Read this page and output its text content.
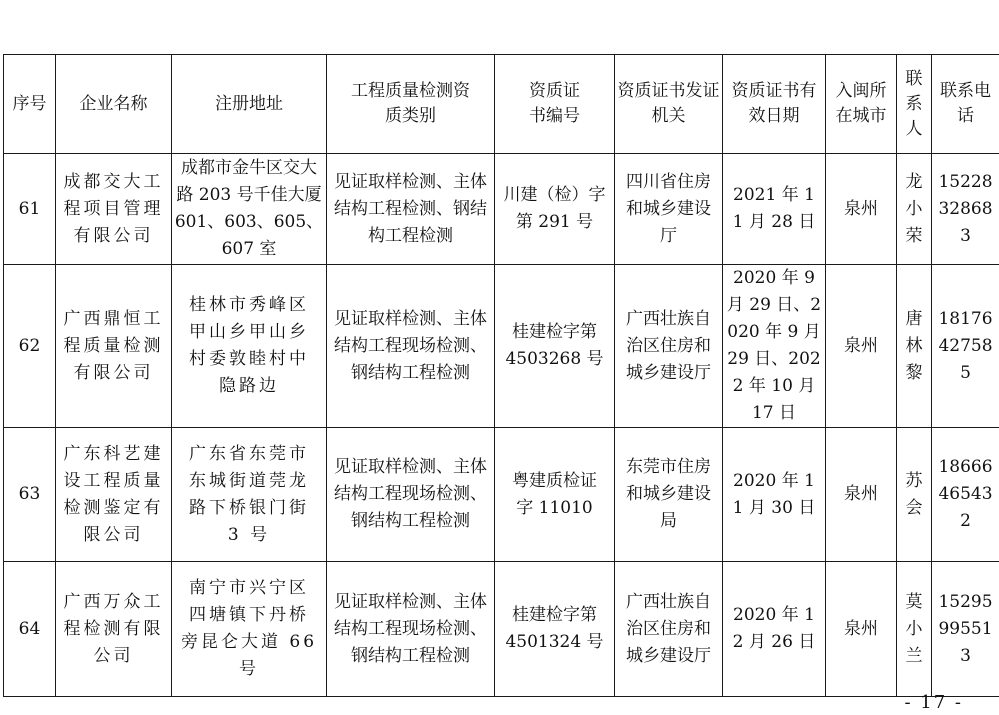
序号	企业名称	注册地址	工程质量检测资质类别	资质证书编号	资质证书发证机关	资质证书有效日期	入闽所在城市	联系人	联系电话
61	成都交大工程项目管理有限公司	成都市金牛区交大路 203 号千佳大厦 601、603、605、607 室	见证取样检测、主体结构工程检测、钢结构工程检测	川建（检）字第 291 号	四川省住房和城乡建设厅	2021 年 11 月 28 日	泉州	龙小荣	15228328683
62	广西鼎恒工程质量检测有限公司	桂林市秀峰区甲山乡甲山乡村委敦睦村中隐路边	见证取样检测、主体结构工程现场检测、钢结构工程检测	桂建检字第 4503268 号	广西壮族自治区住房和城乡建设厅	2020 年 9 月 29 日、2020 年 9 月 29 日、2022 年 10 月 17 日	泉州	唐林黎	18176427585
63	广东科艺建设工程质量检测鉴定有限公司	广东省东莞市东城街道莞龙路下桥银门街 3 号	见证取样检测、主体结构工程现场检测、钢结构工程检测	粤建质检证字 11010	东莞市住房和城乡建设局	2020 年 11 月 30 日	泉州	苏会	18666465432
64	广西万众工程检测有限公司	南宁市兴宁区四塘镇下丹桥旁昆仑大道 66 号	见证取样检测、主体结构工程现场检测、钢结构工程检测	桂建检字第 4501324 号	广西壮族自治区住房和城乡建设厅	2020 年 12 月 26 日	泉州	莫小兰	15295995513
- 17 -
